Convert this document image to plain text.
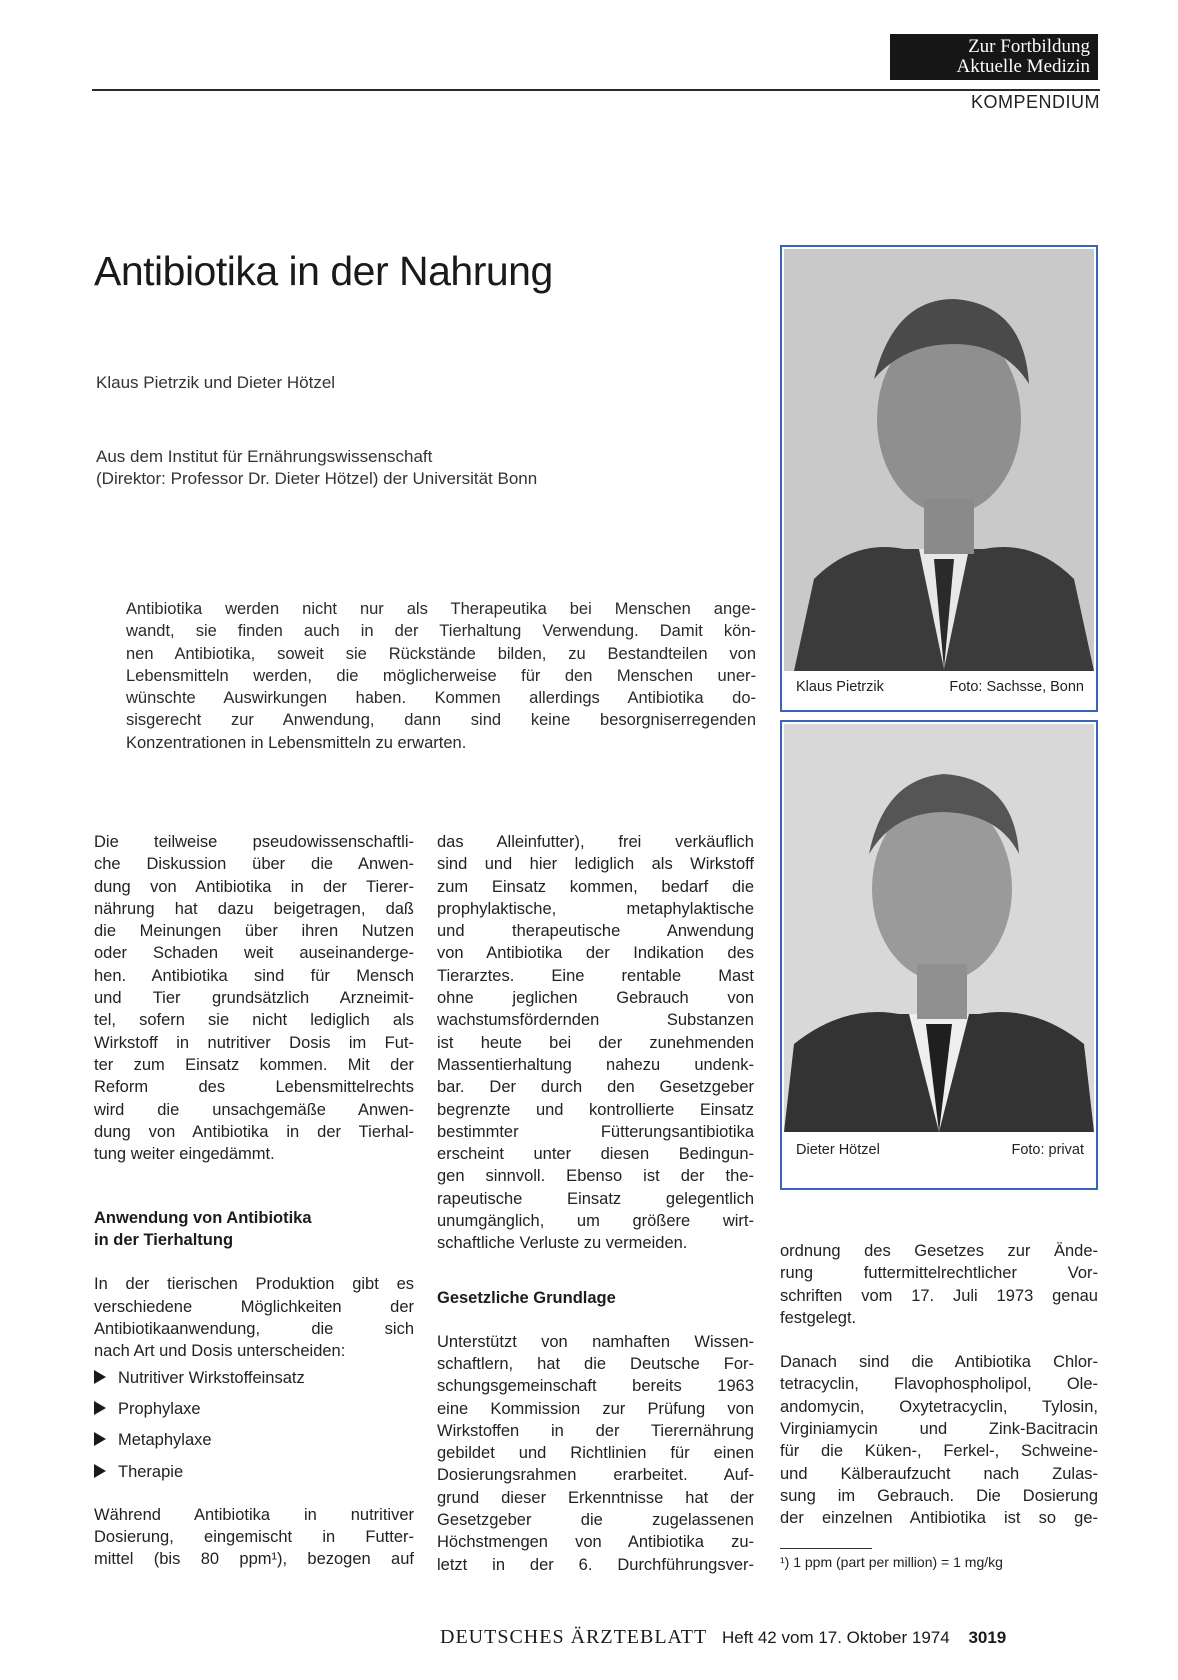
Zur Fortbildung
Aktuelle Medizin
KOMPENDIUM
Antibiotika in der Nahrung
Klaus Pietrzik und Dieter Hötzel
Aus dem Institut für Ernährungswissenschaft
(Direktor: Professor Dr. Dieter Hötzel) der Universität Bonn
Antibiotika werden nicht nur als Therapeutika bei Menschen ange-
wandt, sie finden auch in der Tierhaltung Verwendung. Damit kön-
nen Antibiotika, soweit sie Rückstände bilden, zu Bestandteilen von
Lebensmitteln werden, die möglicherweise für den Menschen uner-
wünschte Auswirkungen haben. Kommen allerdings Antibiotika do-
sisgerecht zur Anwendung, dann sind keine besorgniserregenden
Konzentrationen in Lebensmitteln zu erwarten.
Klaus Pietrzik	Foto: Sachsse, Bonn
Dieter Hötzel	Foto: privat
Die teilweise pseudowissenschaftli-
che Diskussion über die Anwen-
dung von Antibiotika in der Tierer-
nährung hat dazu beigetragen, daß
die Meinungen über ihren Nutzen
oder Schaden weit auseinanderge-
hen. Antibiotika sind für Mensch
und Tier grundsätzlich Arzneimit-
tel, sofern sie nicht lediglich als
Wirkstoff in nutritiver Dosis im Fut-
ter zum Einsatz kommen. Mit der
Reform des Lebensmittelrechts
wird die unsachgemäße Anwen-
dung von Antibiotika in der Tierhal-
tung weiter eingedämmt.
Anwendung von Antibiotika
in der Tierhaltung
In der tierischen Produktion gibt es
verschiedene Möglichkeiten der
Antibiotikaanwendung, die sich
nach Art und Dosis unterscheiden:
Nutritiver Wirkstoffeinsatz
Prophylaxe
Metaphylaxe
Therapie
Während Antibiotika in nutritiver
Dosierung, eingemischt in Futter-
mittel (bis 80 ppm¹), bezogen auf
das Alleinfutter), frei verkäuflich
sind und hier lediglich als Wirkstoff
zum Einsatz kommen, bedarf die
prophylaktische, metaphylaktische
und therapeutische Anwendung
von Antibiotika der Indikation des
Tierarztes. Eine rentable Mast
ohne jeglichen Gebrauch von
wachstumsfördernden Substanzen
ist heute bei der zunehmenden
Massentierhaltung nahezu undenk-
bar. Der durch den Gesetzgeber
begrenzte und kontrollierte Einsatz
bestimmter Fütterungsantibiotika
erscheint unter diesen Bedingun-
gen sinnvoll. Ebenso ist der the-
rapeutische Einsatz gelegentlich
unumgänglich, um größere wirt-
schaftliche Verluste zu vermeiden.
Gesetzliche Grundlage
Unterstützt von namhaften Wissen-
schaftlern, hat die Deutsche For-
schungsgemeinschaft bereits 1963
eine Kommission zur Prüfung von
Wirkstoffen in der Tierernährung
gebildet und Richtlinien für einen
Dosierungsrahmen erarbeitet. Auf-
grund dieser Erkenntnisse hat der
Gesetzgeber die zugelassenen
Höchstmengen von Antibiotika zu-
letzt in der 6. Durchführungsver-
ordnung des Gesetzes zur Ände-
rung futtermittelrechtlicher Vor-
schriften vom 17. Juli 1973 genau
festgelegt.
Danach sind die Antibiotika Chlor-
tetracyclin, Flavophospholipol, Ole-
andomycin, Oxytetracyclin, Tylosin,
Virginiamycin und Zink-Bacitracin
für die Küken-, Ferkel-, Schweine-
und Kälberaufzucht nach Zulas-
sung im Gebrauch. Die Dosierung
der einzelnen Antibiotika ist so ge-
¹) 1 ppm (part per million) = 1 mg/kg
DEUTSCHES ÄRZTEBLATT Heft 42 vom 17. Oktober 1974 3019
